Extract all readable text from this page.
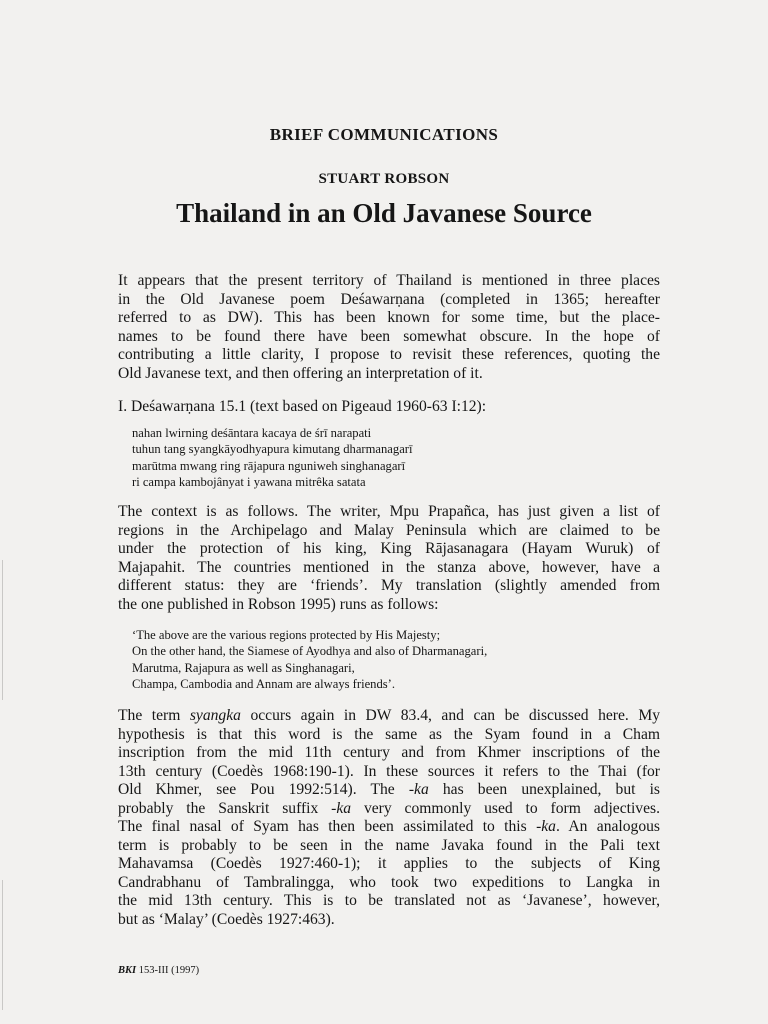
BRIEF COMMUNICATIONS
STUART ROBSON
Thailand in an Old Javanese Source

It appears that the present territory of Thailand is mentioned in three places
in the Old Javanese poem Deśawarṇana (completed in 1365; hereafter
referred to as DW). This has been known for some time, but the place-
names to be found there have been somewhat obscure. In the hope of
contributing a little clarity, I propose to revisit these references, quoting the
Old Javanese text, and then offering an interpretation of it.

I. Deśawarṇana 15.1 (text based on Pigeaud 1960-63 I:12):

nahan lwirning deśāntara kacaya de śrī narapati
tuhun tang syangkāyodhyapura kimutang dharmanagarī
marūtma mwang ring rājapura nguniweh singhanagarī
ri campa kambojânyat i yawana mitrêka satata

The context is as follows. The writer, Mpu Prapañca, has just given a list of
regions in the Archipelago and Malay Peninsula which are claimed to be
under the protection of his king, King Rājasanagara (Hayam Wuruk) of
Majapahit. The countries mentioned in the stanza above, however, have a
different status: they are ‘friends’. My translation (slightly amended from
the one published in Robson 1995) runs as follows:

‘The above are the various regions protected by His Majesty;
On the other hand, the Siamese of Ayodhya and also of Dharmanagari,
Marutma, Rajapura as well as Singhanagari,
Champa, Cambodia and Annam are always friends’.

The term syangka occurs again in DW 83.4, and can be discussed here. My
hypothesis is that this word is the same as the Syam found in a Cham
inscription from the mid 11th century and from Khmer inscriptions of the
13th century (Coedès 1968:190-1). In these sources it refers to the Thai (for
Old Khmer, see Pou 1992:514). The -ka has been unexplained, but is
probably the Sanskrit suffix -ka very commonly used to form adjectives.
The final nasal of Syam has then been assimilated to this -ka. An analogous
term is probably to be seen in the name Javaka found in the Pali text
Mahavamsa (Coedès 1927:460-1); it applies to the subjects of King
Candrabhanu of Tambralingga, who took two expeditions to Langka in
the mid 13th century. This is to be translated not as ‘Javanese’, however,
but as ‘Malay’ (Coedès 1927:463).

BKI 153-III (1997)
